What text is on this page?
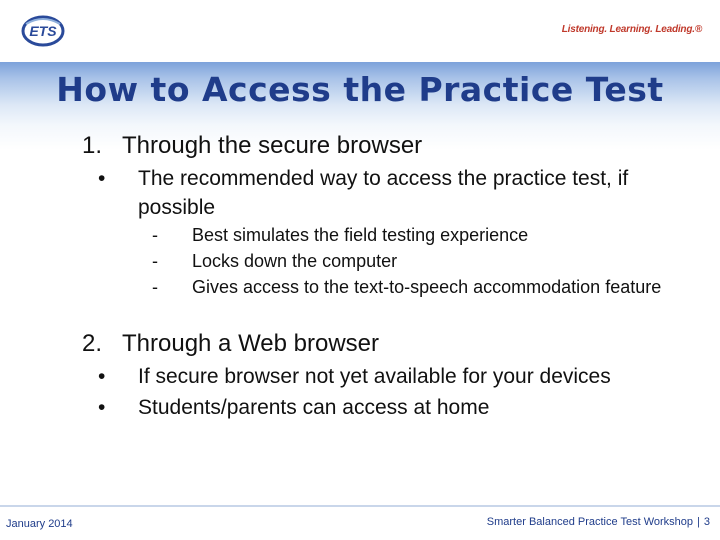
ETS	Listening. Learning. Leading.®
How to Access the Practice Test
1. Through the secure browser
• The recommended way to access the practice test, if possible
- Best simulates the field testing experience
- Locks down the computer
- Gives access to the text-to-speech accommodation feature
2. Through a Web browser
• If secure browser not yet available for your devices
• Students/parents can access at home
January 2014	Smarter Balanced Practice Test Workshop | 3
